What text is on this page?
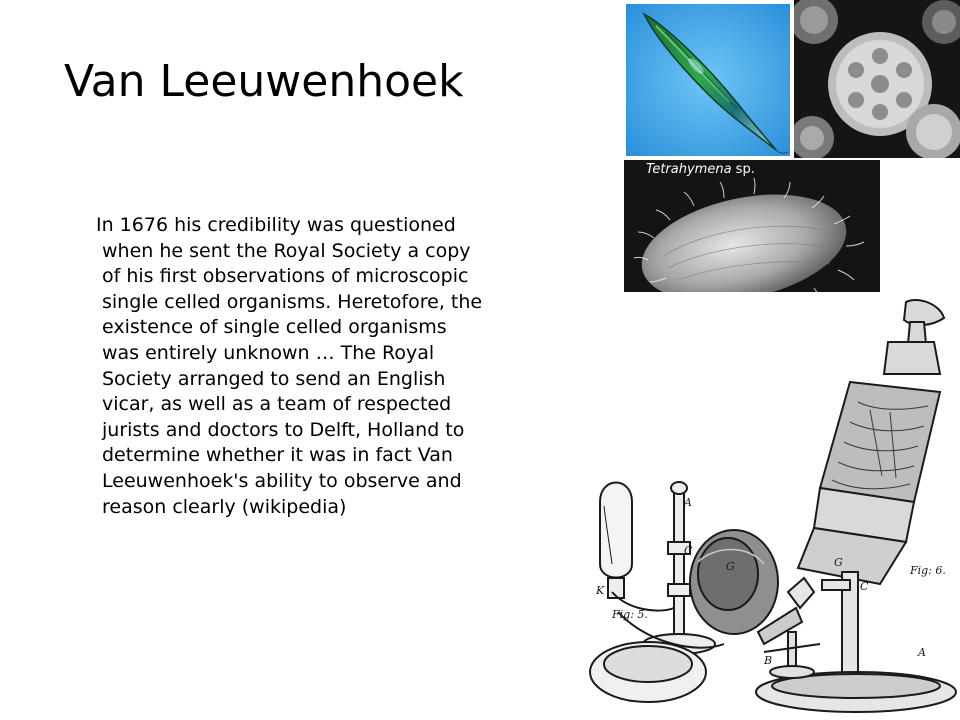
Van Leeuwenhoek

In 1676 his credibility was questioned
when he sent the Royal Society a copy
of his first observations of microscopic
single celled organisms. Heretofore, the
existence of single celled organisms
was entirely unknown … The Royal
Society arranged to send an English
vicar, as well as a team of respected
jurists and doctors to Delft, Holland to
determine whether it was in fact Van
Leeuwenhoek's ability to observe and
reason clearly (wikipedia)

Tetrahymena sp.
Fig: 5.
Fig: 6.
A
C
K
G	G
C
A
B
